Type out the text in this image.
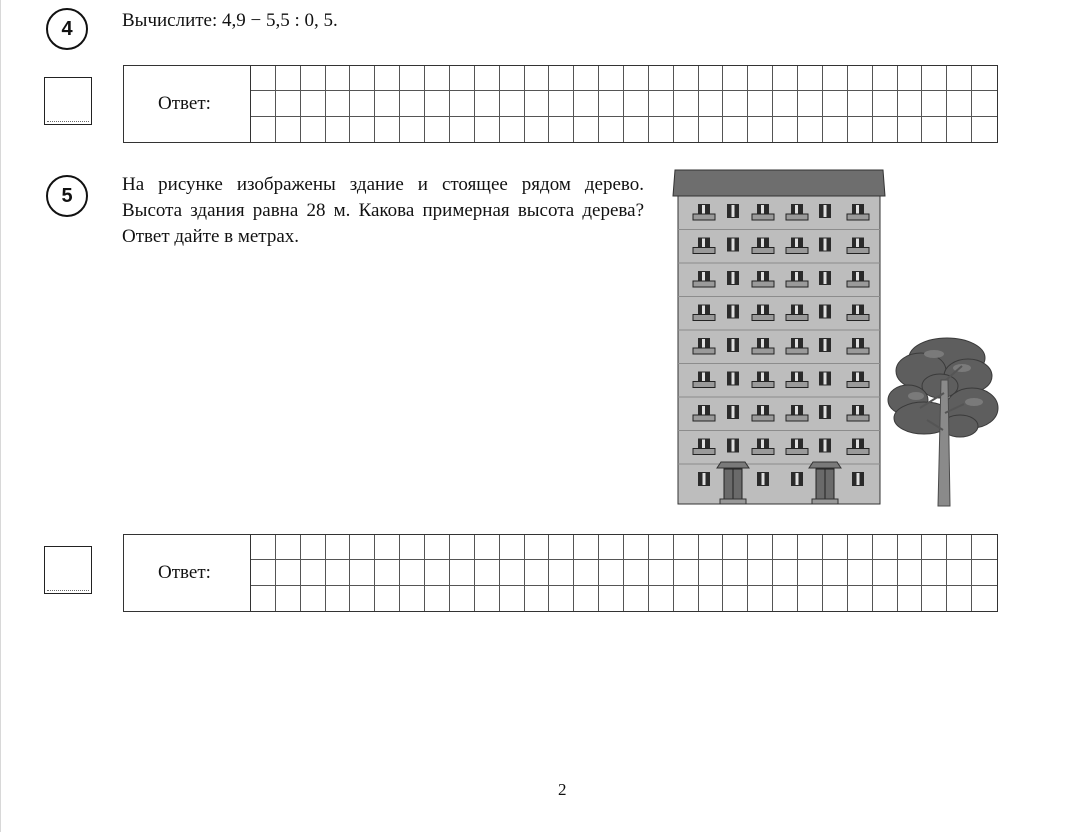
4	Вычислите: 4,9 − 5,5 : 0, 5.
Ответ:
5	На рисунке изображены здание и стоящее рядом дерево. Высота здания равна 28 м. Какова примерная высота дерева? Ответ дайте в метрах.
Ответ:
2
